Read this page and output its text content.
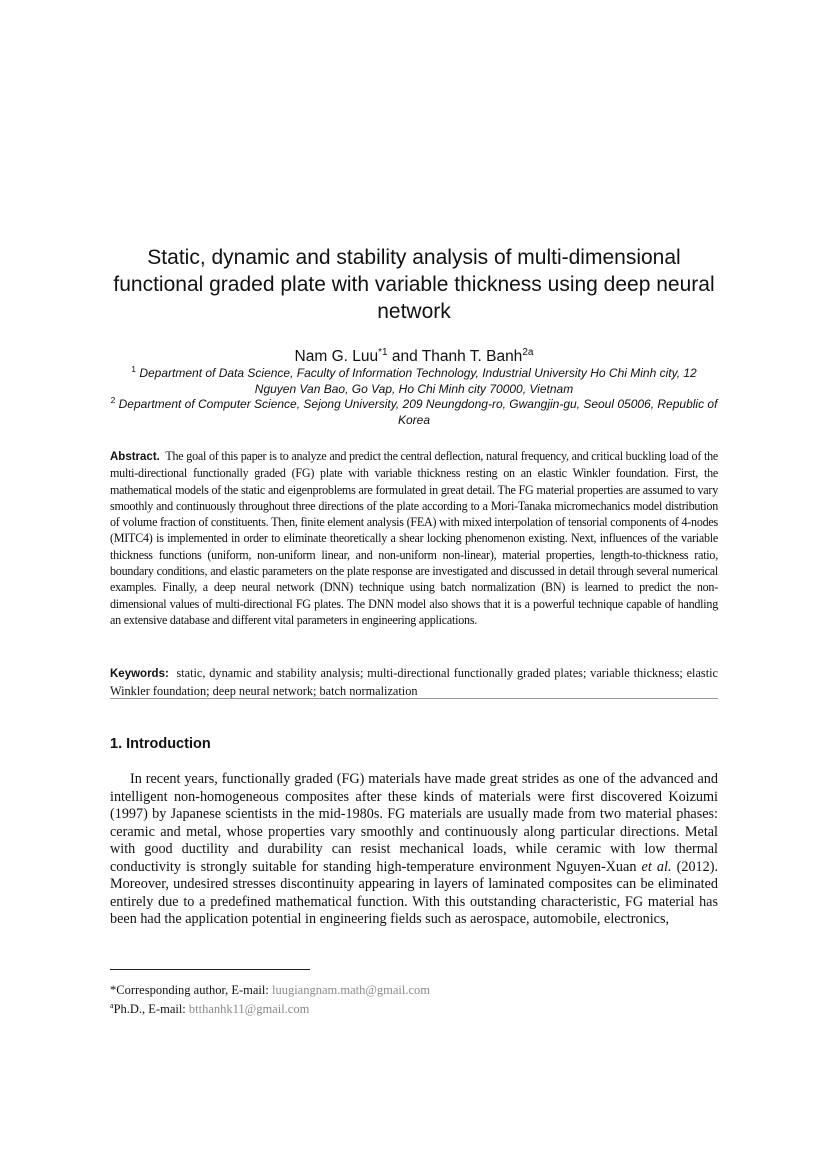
Static, dynamic and stability analysis of multi-dimensional functional graded plate with variable thickness using deep neural network
Nam G. Luu$^{*1}$ and Thanh T. Banh$^{2a}$
$^1$ Department of Data Science, Faculty of Information Technology, Industrial University Ho Chi Minh city, 12 Nguyen Van Bao, Go Vap, Ho Chi Minh city 70000, Vietnam
$^2$ Department of Computer Science, Sejong University, 209 Neungdong-ro, Gwangjin-gu, Seoul 05006, Republic of Korea
Abstract. The goal of this paper is to analyze and predict the central deflection, natural frequency, and critical buckling load of the multi-directional functionally graded (FG) plate with variable thickness resting on an elastic Winkler foundation. First, the mathematical models of the static and eigenproblems are formulated in great detail. The FG material properties are assumed to vary smoothly and continuously throughout three directions of the plate according to a Mori-Tanaka micromechanics model distribution of volume fraction of constituents. Then, finite element analysis (FEA) with mixed interpolation of tensorial components of 4-nodes (MITC4) is implemented in order to eliminate theoretically a shear locking phenomenon existing. Next, influences of the variable thickness functions (uniform, non-uniform linear, and non-uniform non-linear), material properties, length-to-thickness ratio, boundary conditions, and elastic parameters on the plate response are investigated and discussed in detail through several numerical examples. Finally, a deep neural network (DNN) technique using batch normalization (BN) is learned to predict the non-dimensional values of multi-directional FG plates. The DNN model also shows that it is a powerful technique capable of handling an extensive database and different vital parameters in engineering applications.
Keywords: static, dynamic and stability analysis; multi-directional functionally graded plates; variable thickness; elastic Winkler foundation; deep neural network; batch normalization
1. Introduction
In recent years, functionally graded (FG) materials have made great strides as one of the advanced and intelligent non-homogeneous composites after these kinds of materials were first discovered Koizumi (1997) by Japanese scientists in the mid-1980s. FG materials are usually made from two material phases: ceramic and metal, whose properties vary smoothly and continuously along particular directions. Metal with good ductility and durability can resist mechanical loads, while ceramic with low thermal conductivity is strongly suitable for standing high-temperature environment Nguyen-Xuan et al. (2012). Moreover, undesired stresses discontinuity appearing in layers of laminated composites can be eliminated entirely due to a predefined mathematical function. With this outstanding characteristic, FG material has been had the application potential in engineering fields such as aerospace, automobile, electronics,
*Corresponding author, E-mail: luugiangnam.math@gmail.com
$^a$Ph.D., E-mail: btthanhk11@gmail.com
